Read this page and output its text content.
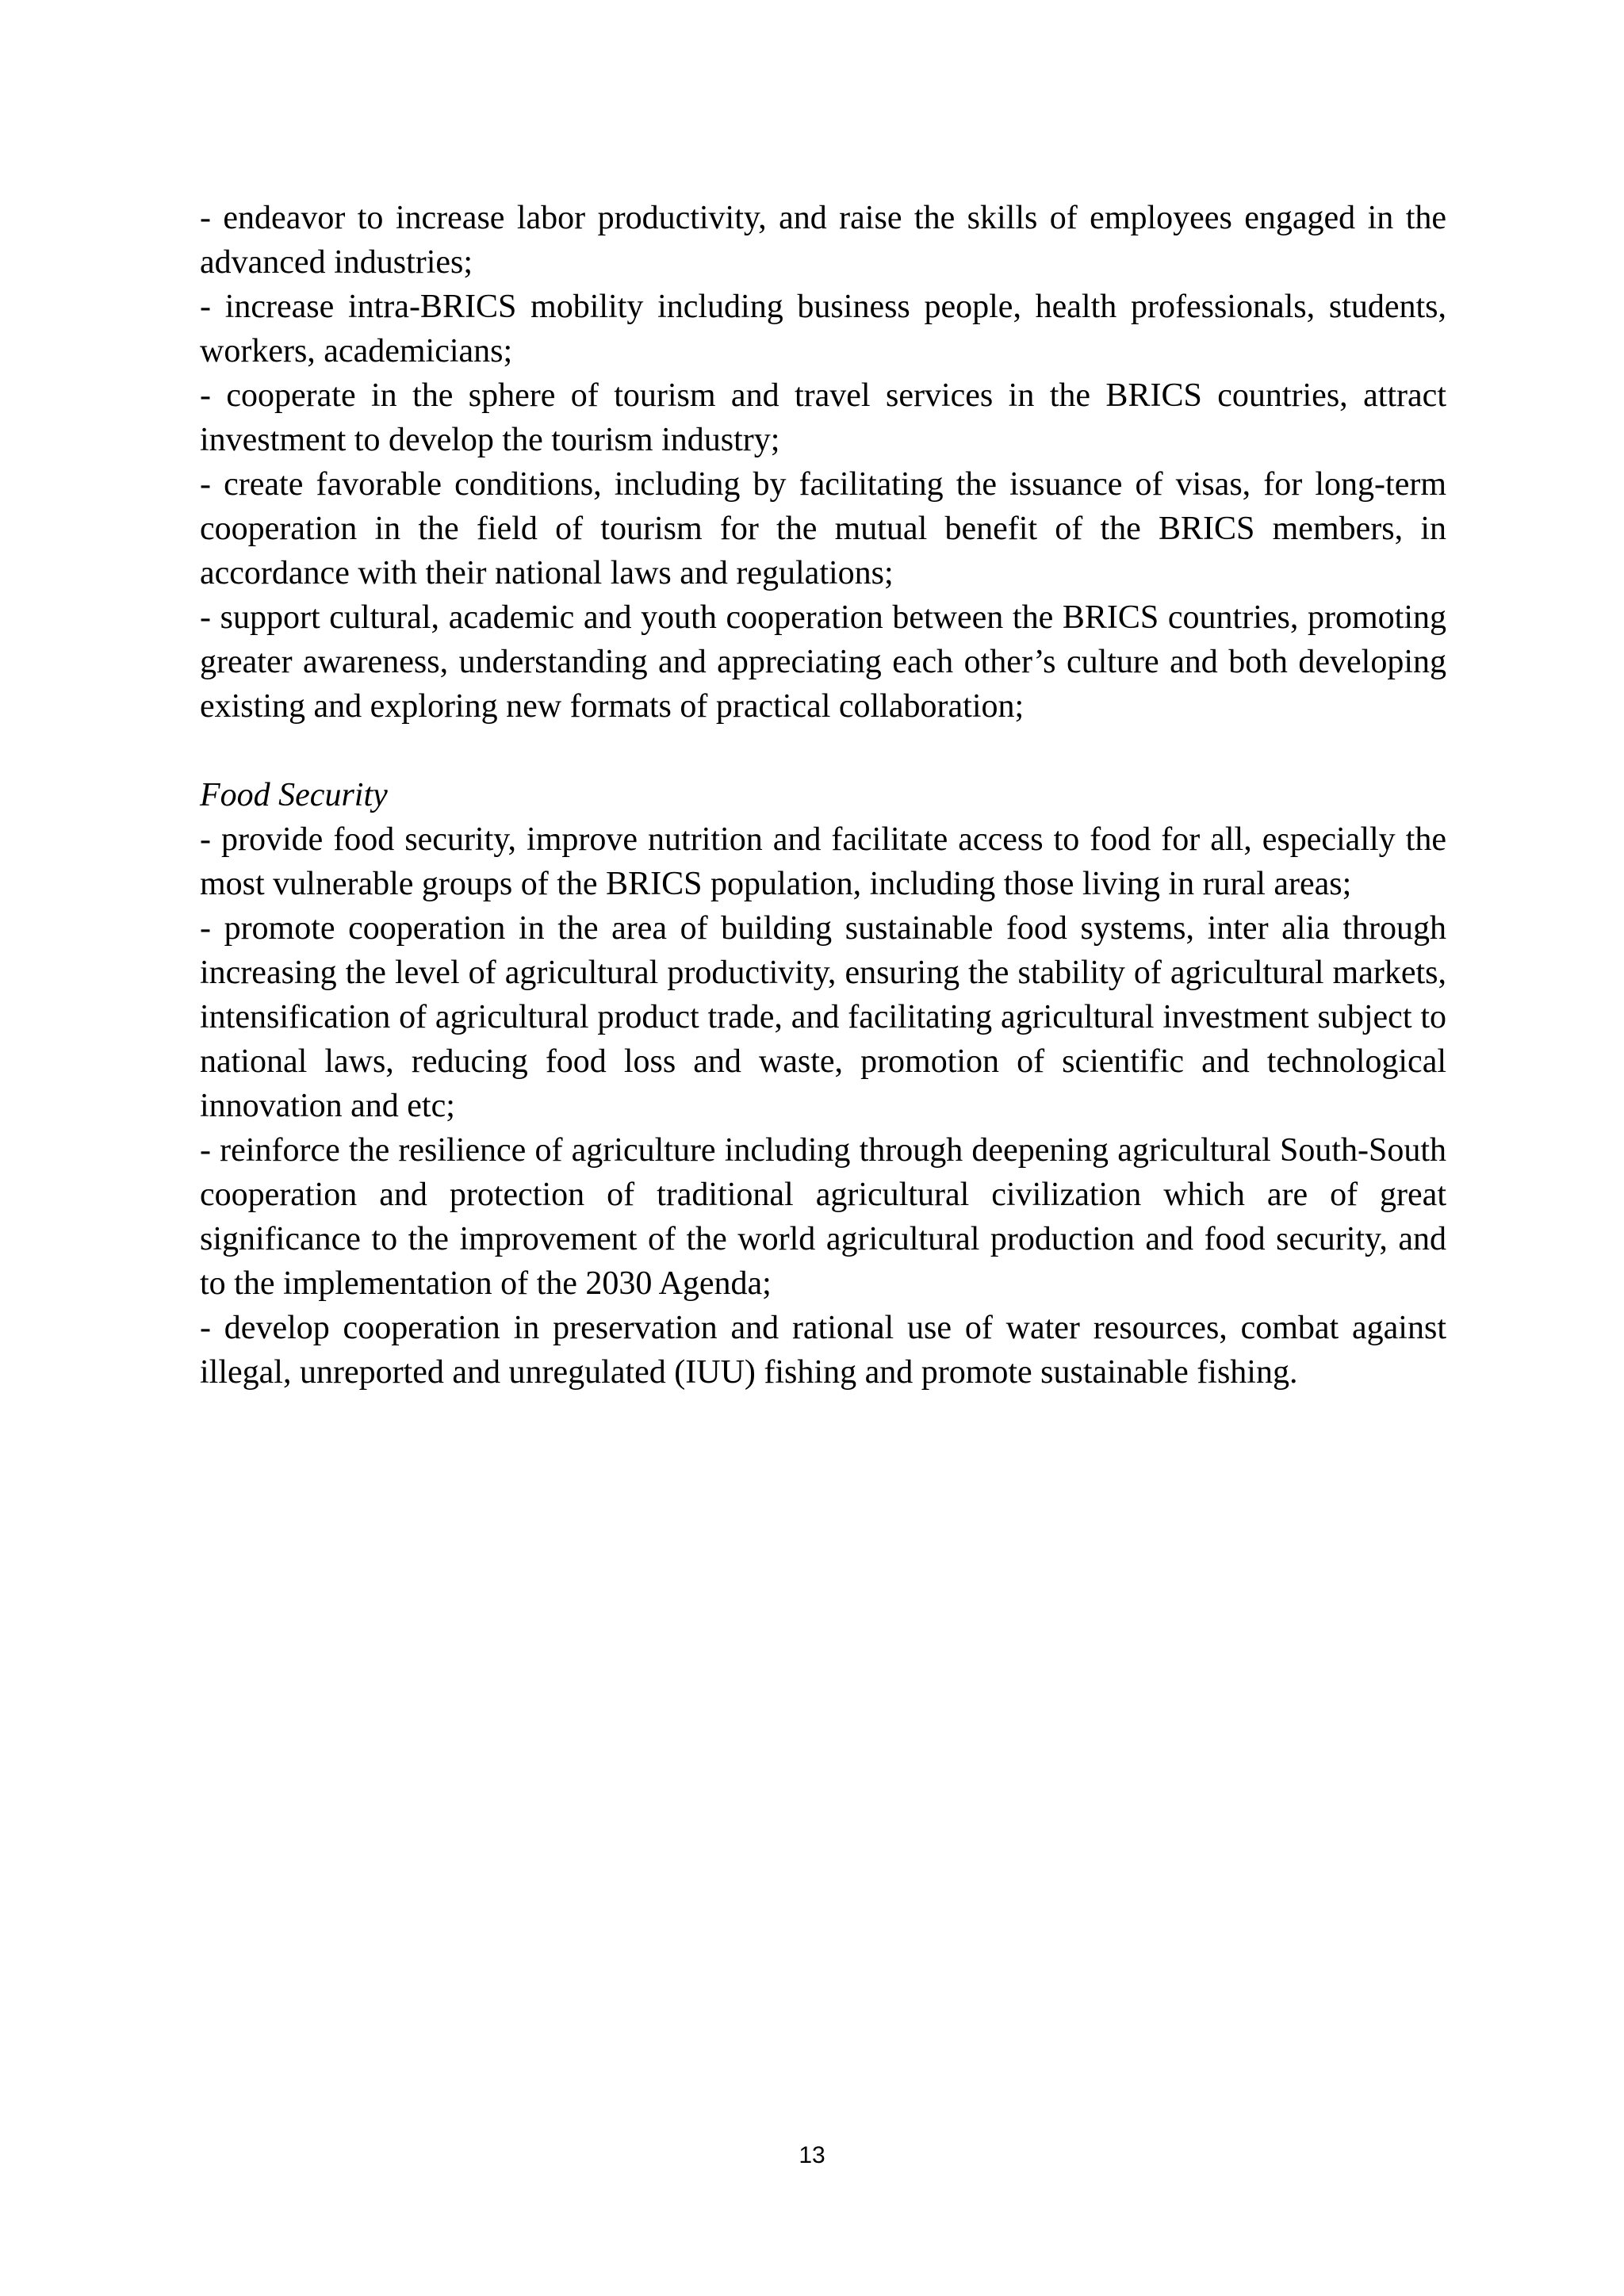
- endeavor to increase labor productivity, and raise the skills of employees engaged in the advanced industries;

- increase intra-BRICS mobility including business people, health professionals, students, workers, academicians;

- cooperate in the sphere of tourism and travel services in the BRICS countries, attract investment to develop the tourism industry;

- create favorable conditions, including by facilitating the issuance of visas, for long-term cooperation in the field of tourism for the mutual benefit of the BRICS members, in accordance with their national laws and regulations;

- support cultural, academic and youth cooperation between the BRICS countries, promoting greater awareness, understanding and appreciating each other’s culture and both developing existing and exploring new formats of practical collaboration;

Food Security

- provide food security, improve nutrition and facilitate access to food for all, especially the most vulnerable groups of the BRICS population, including those living in rural areas;

- promote cooperation in the area of building sustainable food systems, inter alia through increasing the level of agricultural productivity, ensuring the stability of agricultural markets, intensification of agricultural product trade, and facilitating agricultural investment subject to national laws, reducing food loss and waste, promotion of scientific and technological innovation and etc;

- reinforce the resilience of agriculture including through deepening agricultural South-South cooperation and protection of traditional agricultural civilization which are of great significance to the improvement of the world agricultural production and food security, and to the implementation of the 2030 Agenda;

- develop cooperation in preservation and rational use of water resources, combat against illegal, unreported and unregulated (IUU) fishing and promote sustainable fishing.

13
